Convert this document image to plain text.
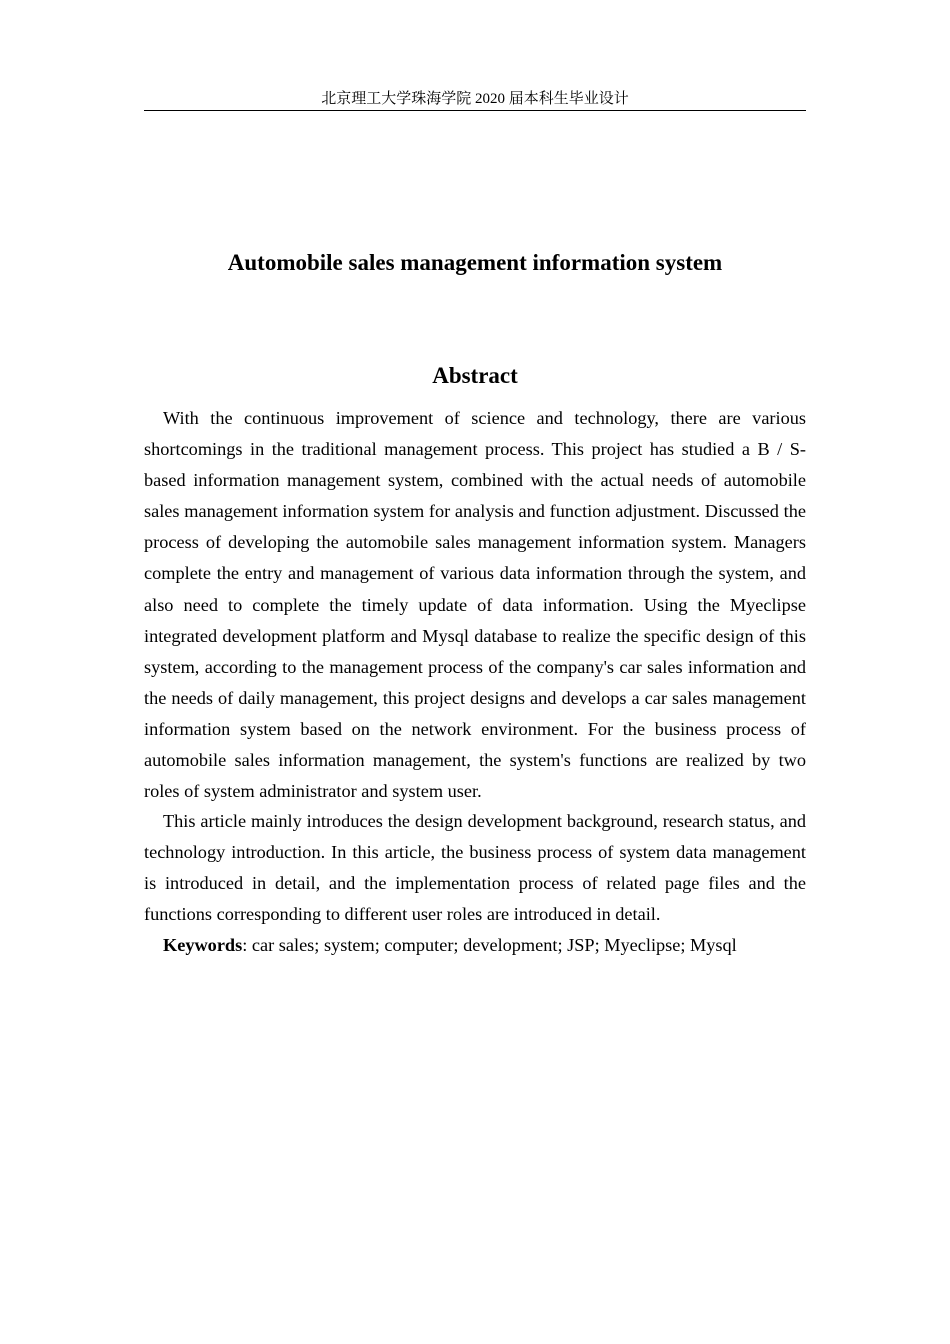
北京理工大学珠海学院 2020 届本科生毕业设计
Automobile sales management information system
Abstract

With the continuous improvement of science and technology, there are various shortcomings in the traditional management process. This project has studied a B / S-based information management system, combined with the actual needs of automobile sales management information system for analysis and function adjustment. Discussed the process of developing the automobile sales management information system. Managers complete the entry and management of various data information through the system, and also need to complete the timely update of data information. Using the Myeclipse integrated development platform and Mysql database to realize the specific design of this system, according to the management process of the company's car sales information and the needs of daily management, this project designs and develops a car sales management information system based on the network environment. For the business process of automobile sales information management, the system's functions are realized by two roles of system administrator and system user.

This article mainly introduces the design development background, research status, and technology introduction. In this article, the business process of system data management is introduced in detail, and the implementation process of related page files and the functions corresponding to different user roles are introduced in detail.

Keywords: car sales; system; computer; development; JSP; Myeclipse; Mysql
